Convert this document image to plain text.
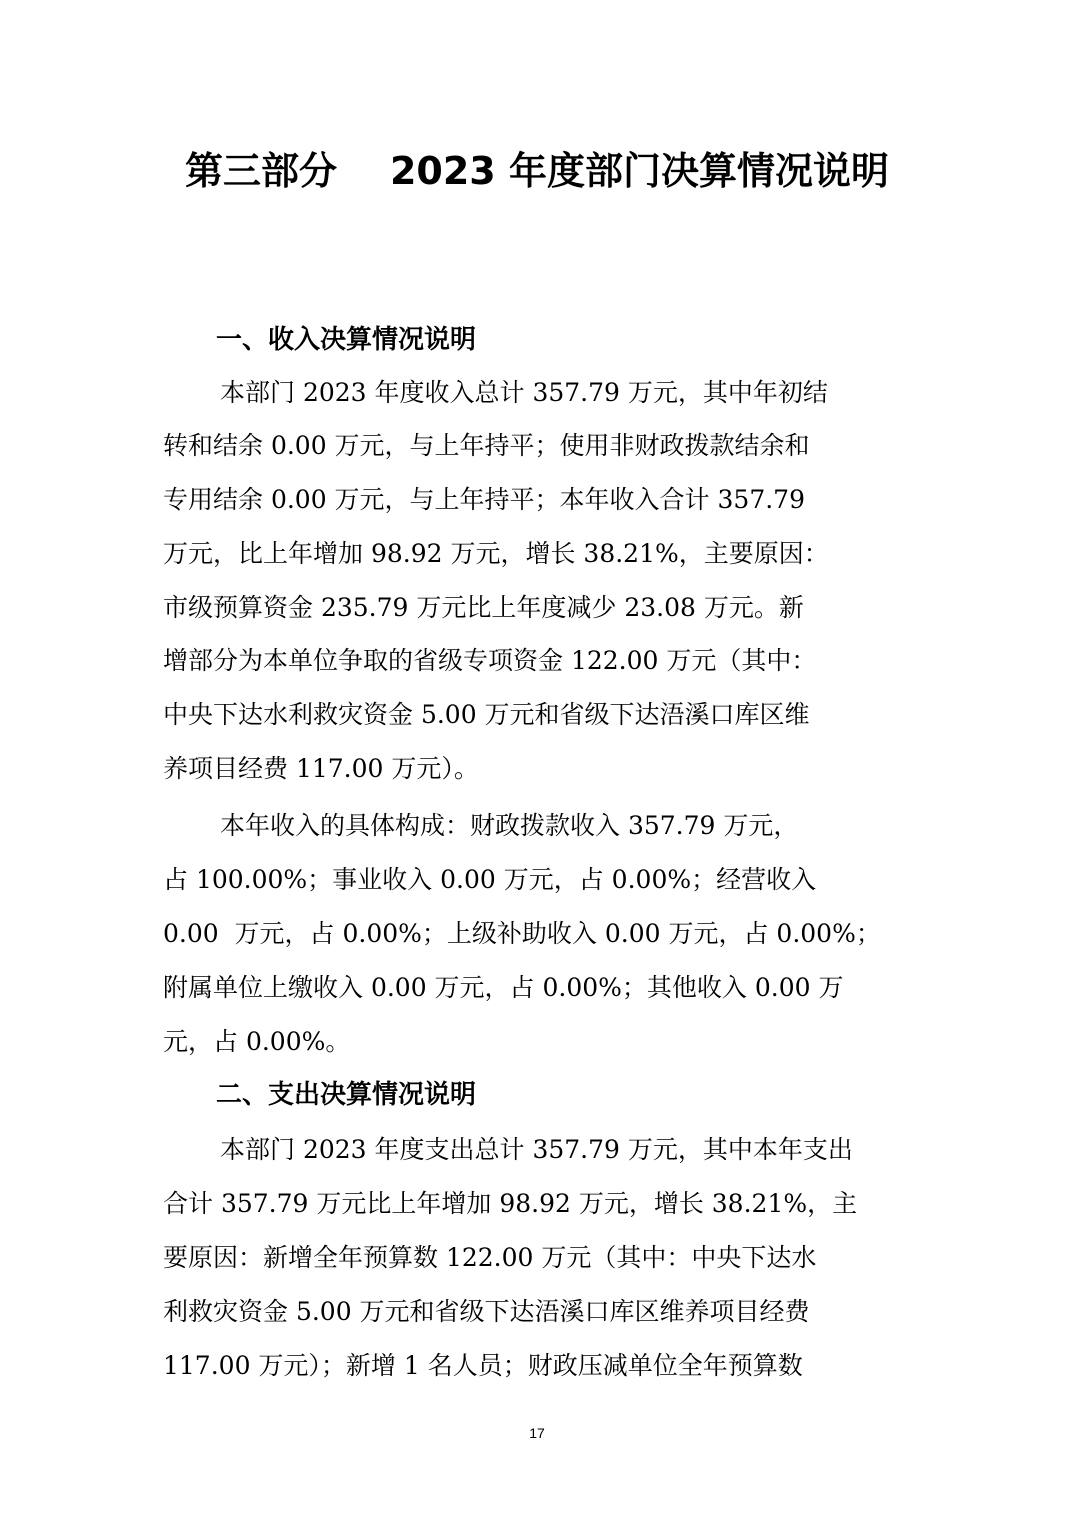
第三部分    2023 年度部门决算情况说明
一、收入决算情况说明

本部门 2023 年度收入总计 357.79 万元，其中年初结

转和结余 0.00 万元，与上年持平；使用非财政拨款结余和

专用结余 0.00 万元，与上年持平；本年收入合计 357.79

万元，比上年增加 98.92 万元，增长 38.21%，主要原因：

市级预算资金 235.79 万元比上年度减少 23.08 万元。新

增部分为本单位争取的省级专项资金 122.00 万元（其中：

中央下达水利救灾资金 5.00 万元和省级下达浯溪口库区维

养项目经费 117.00 万元）。

本年收入的具体构成：财政拨款收入 357.79 万元，

占 100.00%；事业收入 0.00 万元，占 0.00%；经营收入

0.00  万元，占 0.00%；上级补助收入 0.00 万元，占 0.00%；

附属单位上缴收入 0.00 万元，占 0.00%；其他收入 0.00 万

元，占 0.00%。

二、支出决算情况说明

本部门 2023 年度支出总计 357.79 万元，其中本年支出

合计 357.79 万元比上年增加 98.92 万元，增长 38.21%，主

要原因：新增全年预算数 122.00 万元（其中：中央下达水

利救灾资金 5.00 万元和省级下达浯溪口库区维养项目经费

117.00 万元）；新增 1 名人员；财政压减单位全年预算数

17
